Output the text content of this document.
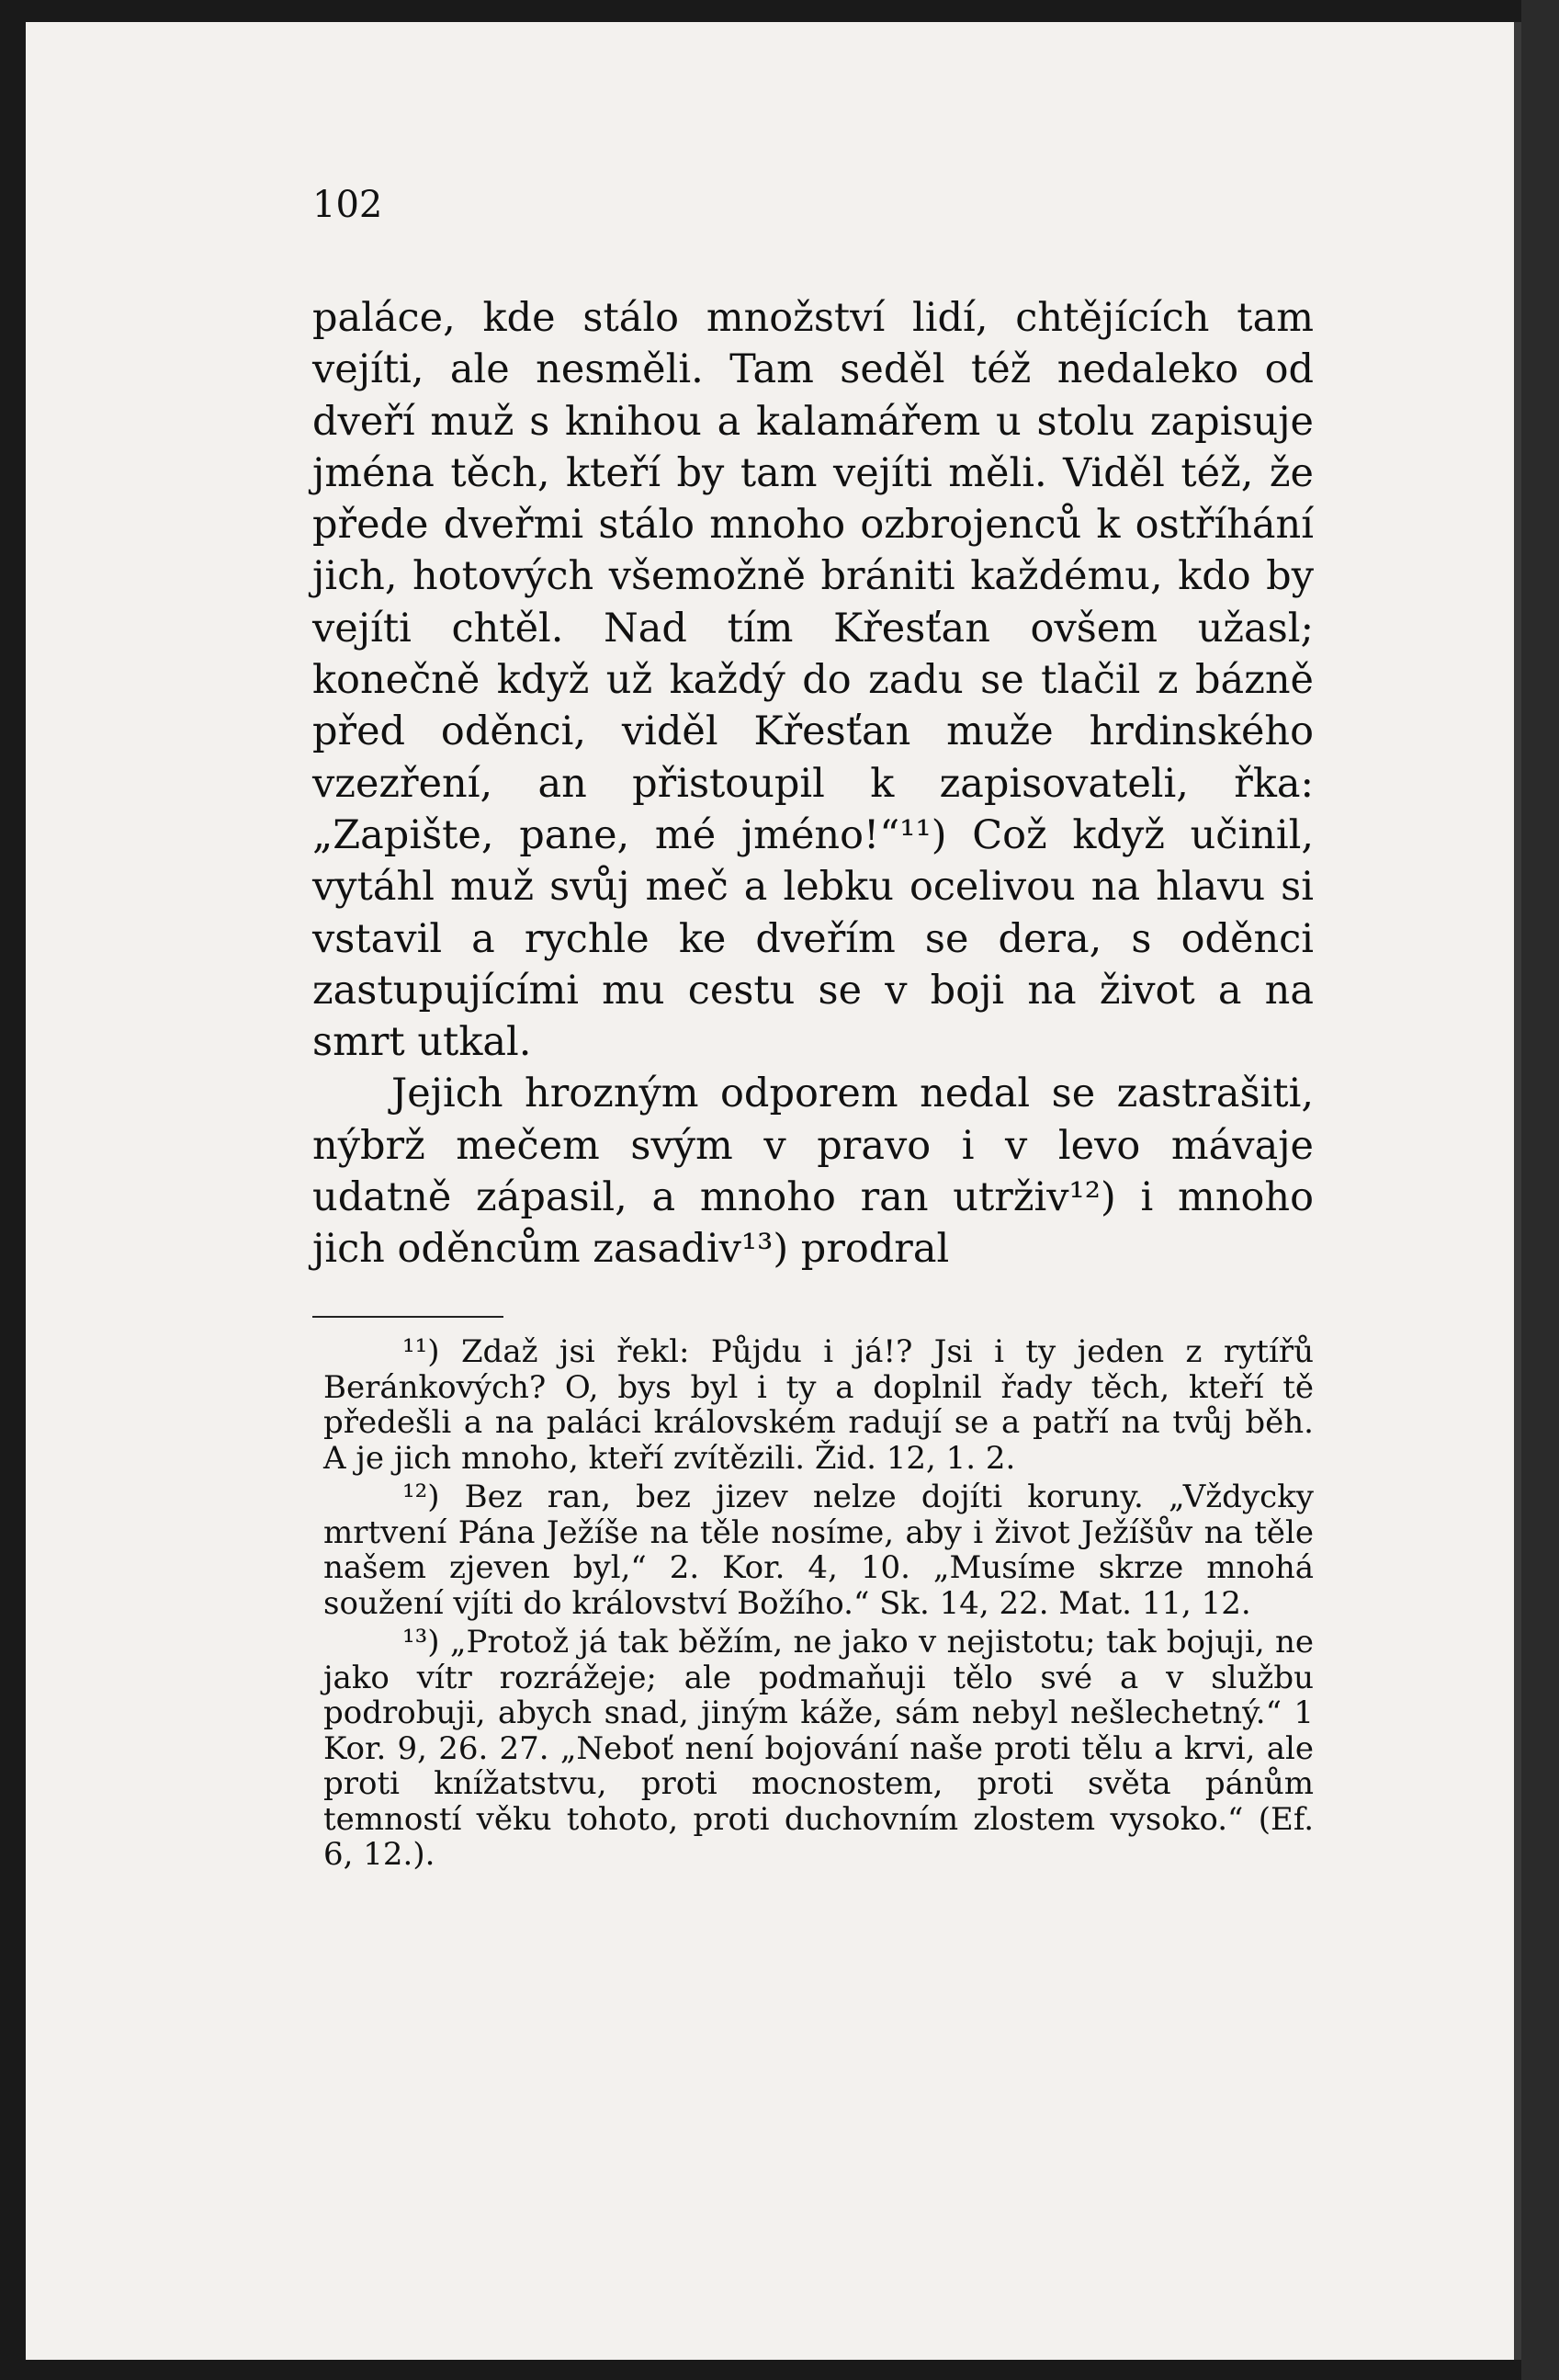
102

paláce, kde stálo množství lidí, chtějících tam vejíti, ale nesměli. Tam seděl též nedaleko od dveří muž s knihou a kalamářem u stolu zapisuje jména těch, kteří by tam vejíti měli. Viděl též, že přede dveřmi stálo mnoho ozbrojenců k ostříhání jich, hotových všemožně brániti každému, kdo by vejíti chtěl. Nad tím Křesťan ovšem užasl; konečně když už každý do zadu se tlačil z bázně před oděnci, viděl Křesťan muže hrdinského vzezření, an přistoupil k zapisovateli, řka: „Zapište, pane, mé jméno!“¹¹) Což když učinil, vytáhl muž svůj meč a lebku ocelivou na hlavu si vstavil a rychle ke dveřím se dera, s oděnci zastupujícími mu cestu se v boji na život a na smrt utkal.

Jejich hrozným odporem nedal se zastrašiti, nýbrž mečem svým v pravo i v levo mávaje udatně zápasil, a mnoho ran utrživ¹²) i mnoho jich oděncům zasadiv¹³) prodral

¹¹) Zdaž jsi řekl: Půjdu i já!? Jsi i ty jeden z rytířů Beránkových? O, bys byl i ty a doplnil řady těch, kteří tě předešli a na paláci královském radují se a patří na tvůj běh. A je jich mnoho, kteří zvítězili. Žid. 12, 1. 2.

¹²) Bez ran, bez jizev nelze dojíti koruny. „Vždycky mrtvení Pána Ježíše na těle nosíme, aby i život Ježíšův na těle našem zjeven byl,“ 2. Kor. 4, 10. „Musíme skrze mnohá soužení vjíti do království Božího.“ Sk. 14, 22. Mat. 11, 12.

¹³) „Protož já tak běžím, ne jako v nejistotu; tak bojuji, ne jako vítr rozrážeje; ale podmaňuji tělo své a v službu podrobuji, abych snad, jiným káže, sám nebyl nešlechetný.“ 1 Kor. 9, 26. 27. „Neboť není bojování naše proti tělu a krvi, ale proti knížatstvu, proti mocnostem, proti světa pánům temností věku tohoto, proti duchovním zlostem vysoko.“ (Ef. 6, 12.).
